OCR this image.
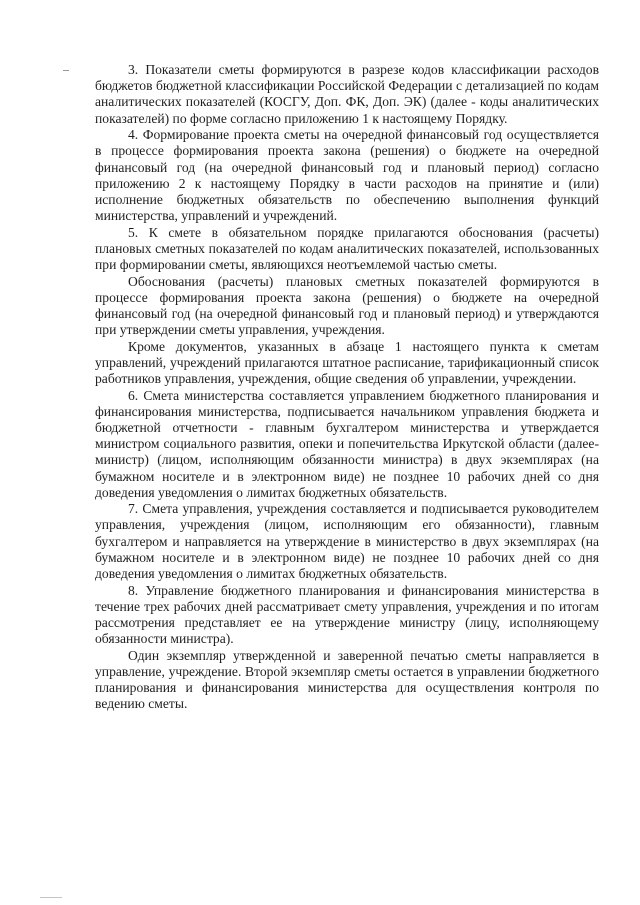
3. Показатели сметы формируются в разрезе кодов классификации расходов бюджетов бюджетной классификации Российской Федерации с детализацией по кодам аналитических показателей (КОСГУ, Доп. ФК, Доп. ЭК) (далее - коды аналитических показателей) по форме согласно приложению 1 к настоящему Порядку.

4. Формирование проекта сметы на очередной финансовый год осуществляется в процессе формирования проекта закона (решения) о бюджете на очередной финансовый год (на очередной финансовый год и плановый период) согласно приложению 2 к настоящему Порядку в части расходов на принятие и (или) исполнение бюджетных обязательств по обеспечению выполнения функций министерства, управлений и учреждений.

5. К смете в обязательном порядке прилагаются обоснования (расчеты) плановых сметных показателей по кодам аналитических показателей, использованных при формировании сметы, являющихся неотъемлемой частью сметы.

Обоснования (расчеты) плановых сметных показателей формируются в процессе формирования проекта закона (решения) о бюджете на очередной финансовый год (на очередной финансовый год и плановый период) и утверждаются при утверждении сметы управления, учреждения.

Кроме документов, указанных в абзаце 1 настоящего пункта к сметам управлений, учреждений прилагаются штатное расписание, тарификационный список работников управления, учреждения, общие сведения об управлении, учреждении.

6. Смета министерства составляется управлением бюджетного планирования и финансирования министерства, подписывается начальником управления бюджета и бюджетной отчетности - главным бухгалтером министерства и утверждается министром социального развития, опеки и попечительства Иркутской области (далее-министр) (лицом, исполняющим обязанности министра) в двух экземплярах (на бумажном носителе и в электронном виде) не позднее 10 рабочих дней со дня доведения уведомления о лимитах бюджетных обязательств.

7. Смета управления, учреждения составляется и подписывается руководителем управления, учреждения (лицом, исполняющим его обязанности), главным бухгалтером и направляется на утверждение в министерство в двух экземплярах (на бумажном носителе и в электронном виде) не позднее 10 рабочих дней со дня доведения уведомления о лимитах бюджетных обязательств.

8. Управление бюджетного планирования и финансирования министерства в течение трех рабочих дней рассматривает смету управления, учреждения и по итогам рассмотрения представляет ее на утверждение министру (лицу, исполняющему обязанности министра).

Один экземпляр утвержденной и заверенной печатью сметы направляется в управление, учреждение. Второй экземпляр сметы остается в управлении бюджетного планирования и финансирования министерства для осуществления контроля по ведению сметы.
